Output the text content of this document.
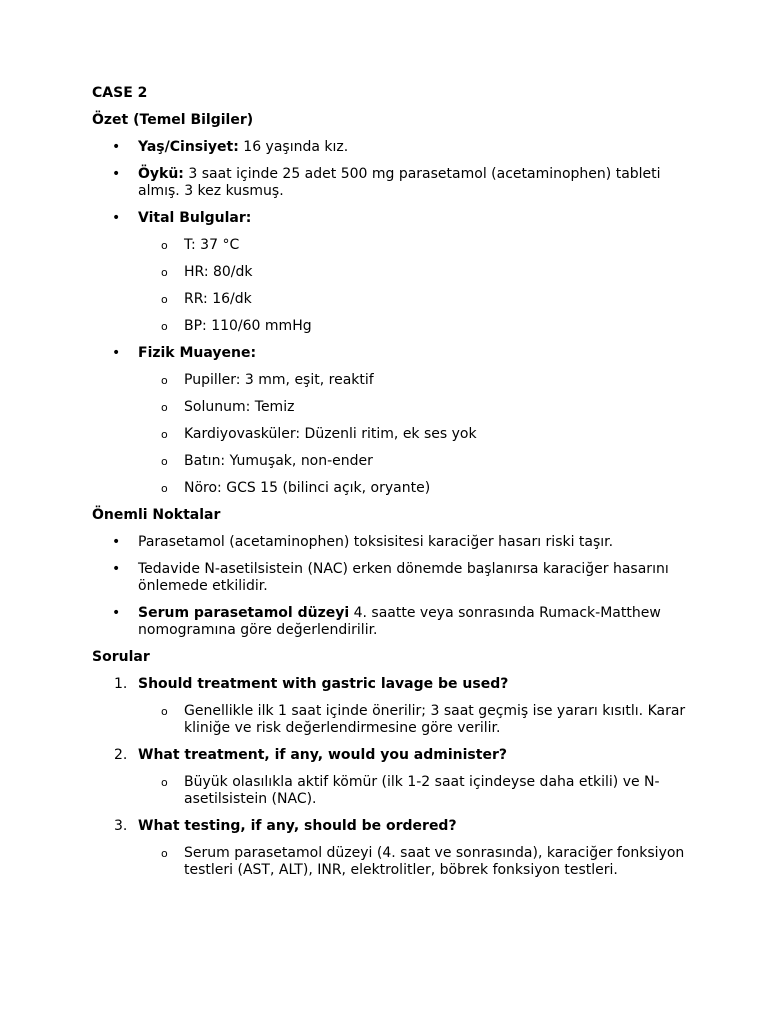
CASE 2
Özet (Temel Bilgiler)
• Yaş/Cinsiyet: 16 yaşında kız.
• Öykü: 3 saat içinde 25 adet 500 mg parasetamol (acetaminophen) tableti almış. 3 kez kusmuş.
• Vital Bulgular:
o T: 37 °C
o HR: 80/dk
o RR: 16/dk
o BP: 110/60 mmHg
• Fizik Muayene:
o Pupiller: 3 mm, eşit, reaktif
o Solunum: Temiz
o Kardiyovasküler: Düzenli ritim, ek ses yok
o Batın: Yumuşak, non-ender
o Nöro: GCS 15 (bilinci açık, oryante)
Önemli Noktalar
• Parasetamol (acetaminophen) toksisitesi karaciğer hasarı riski taşır.
• Tedavide N-asetilsistein (NAC) erken dönemde başlanırsa karaciğer hasarını önlemede etkilidir.
• Serum parasetamol düzeyi 4. saatte veya sonrasında Rumack-Matthew nomogramına göre değerlendirilir.
Sorular
1. Should treatment with gastric lavage be used?
o Genellikle ilk 1 saat içinde önerilir; 3 saat geçmiş ise yararı kısıtlı. Karar kliniğe ve risk değerlendirmesine göre verilir.
2. What treatment, if any, would you administer?
o Büyük olasılıkla aktif kömür (ilk 1-2 saat içindeyse daha etkili) ve N-asetilsistein (NAC).
3. What testing, if any, should be ordered?
o Serum parasetamol düzeyi (4. saat ve sonrasında), karaciğer fonksiyon testleri (AST, ALT), INR, elektrolitler, böbrek fonksiyon testleri.
